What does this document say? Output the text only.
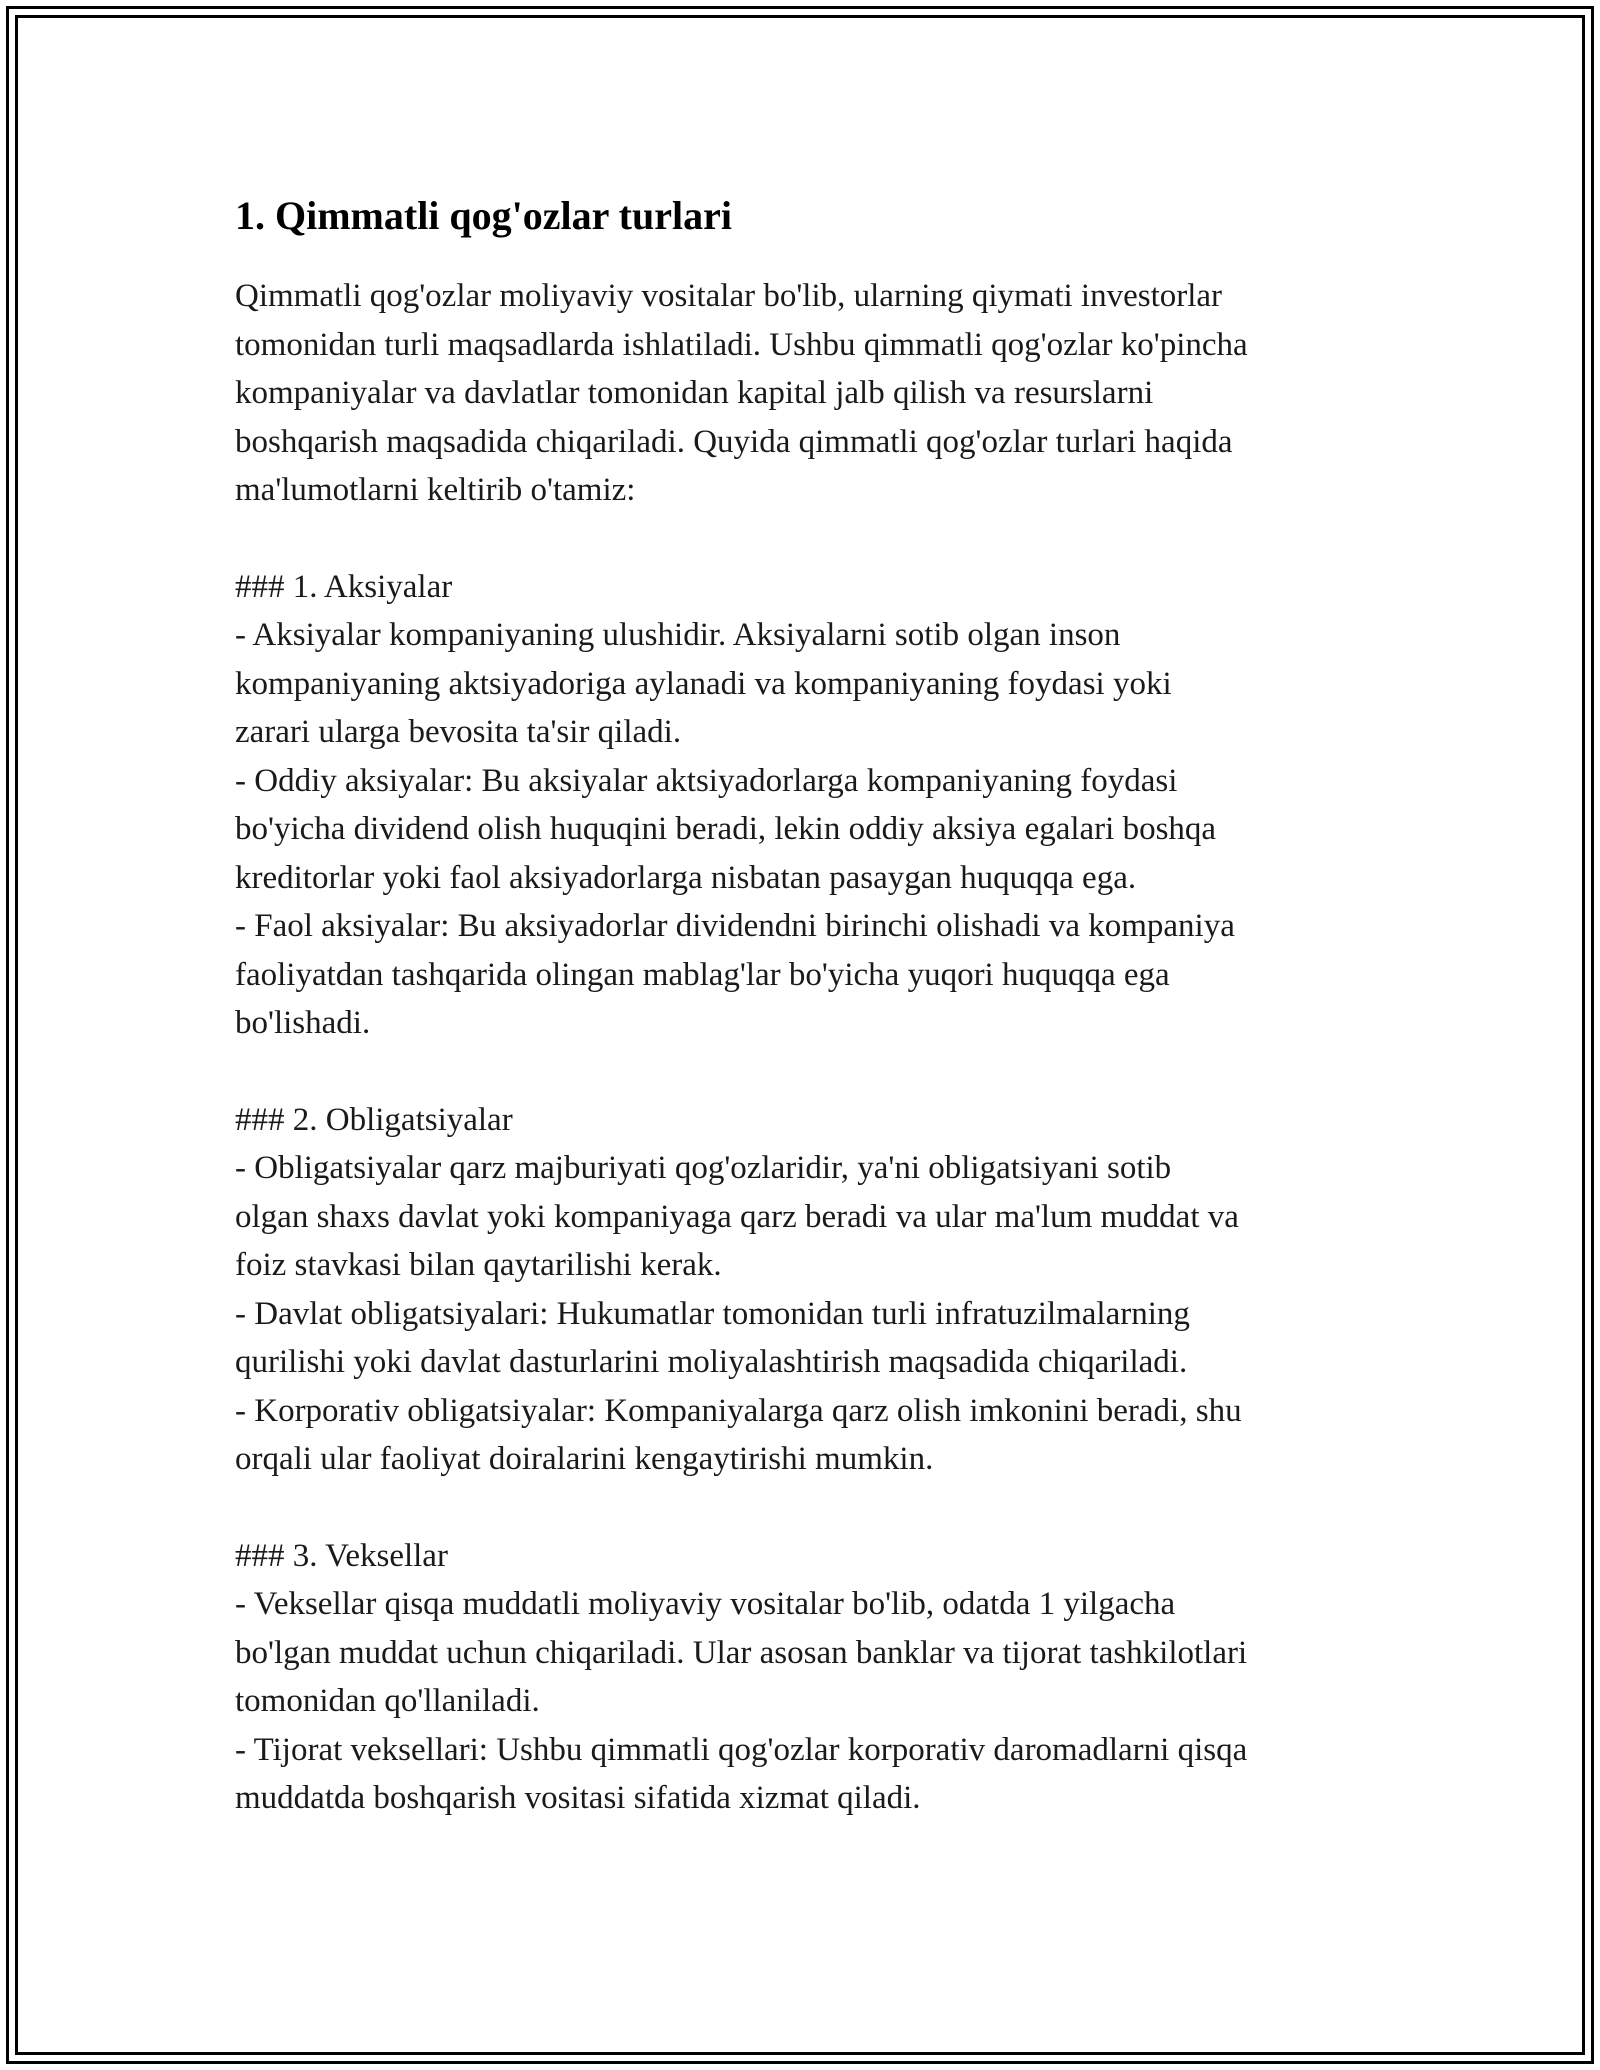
1. Qimmatli qog'ozlar turlari
Qimmatli qog'ozlar moliyaviy vositalar bo'lib, ularning qiymati investorlar
tomonidan turli maqsadlarda ishlatiladi. Ushbu qimmatli qog'ozlar ko'pincha
kompaniyalar va davlatlar tomonidan kapital jalb qilish va resurslarni
boshqarish maqsadida chiqariladi. Quyida qimmatli qog'ozlar turlari haqida
ma'lumotlarni keltirib o'tamiz:
### 1. Aksiyalar
- Aksiyalar kompaniyaning ulushidir. Aksiyalarni sotib olgan inson
kompaniyaning aktsiyadoriga aylanadi va kompaniyaning foydasi yoki
zarari ularga bevosita ta'sir qiladi.
- Oddiy aksiyalar: Bu aksiyalar aktsiyadorlarga kompaniyaning foydasi
bo'yicha dividend olish huquqini beradi, lekin oddiy aksiya egalari boshqa
kreditorlar yoki faol aksiyadorlarga nisbatan pasaygan huquqqa ega.
- Faol aksiyalar: Bu aksiyadorlar dividendni birinchi olishadi va kompaniya
faoliyatdan tashqarida olingan mablag'lar bo'yicha yuqori huquqqa ega
bo'lishadi.
### 2. Obligatsiyalar
- Obligatsiyalar qarz majburiyati qog'ozlaridir, ya'ni obligatsiyani sotib
olgan shaxs davlat yoki kompaniyaga qarz beradi va ular ma'lum muddat va
foiz stavkasi bilan qaytarilishi kerak.
- Davlat obligatsiyalari: Hukumatlar tomonidan turli infratuzilmalarning
qurilishi yoki davlat dasturlarini moliyalashtirish maqsadida chiqariladi.
- Korporativ obligatsiyalar: Kompaniyalarga qarz olish imkonini beradi, shu
orqali ular faoliyat doiralarini kengaytirishi mumkin.
### 3. Veksellar
- Veksellar qisqa muddatli moliyaviy vositalar bo'lib, odatda 1 yilgacha
bo'lgan muddat uchun chiqariladi. Ular asosan banklar va tijorat tashkilotlari
tomonidan qo'llaniladi.
- Tijorat veksellari: Ushbu qimmatli qog'ozlar korporativ daromadlarni qisqa
muddatda boshqarish vositasi sifatida xizmat qiladi.
